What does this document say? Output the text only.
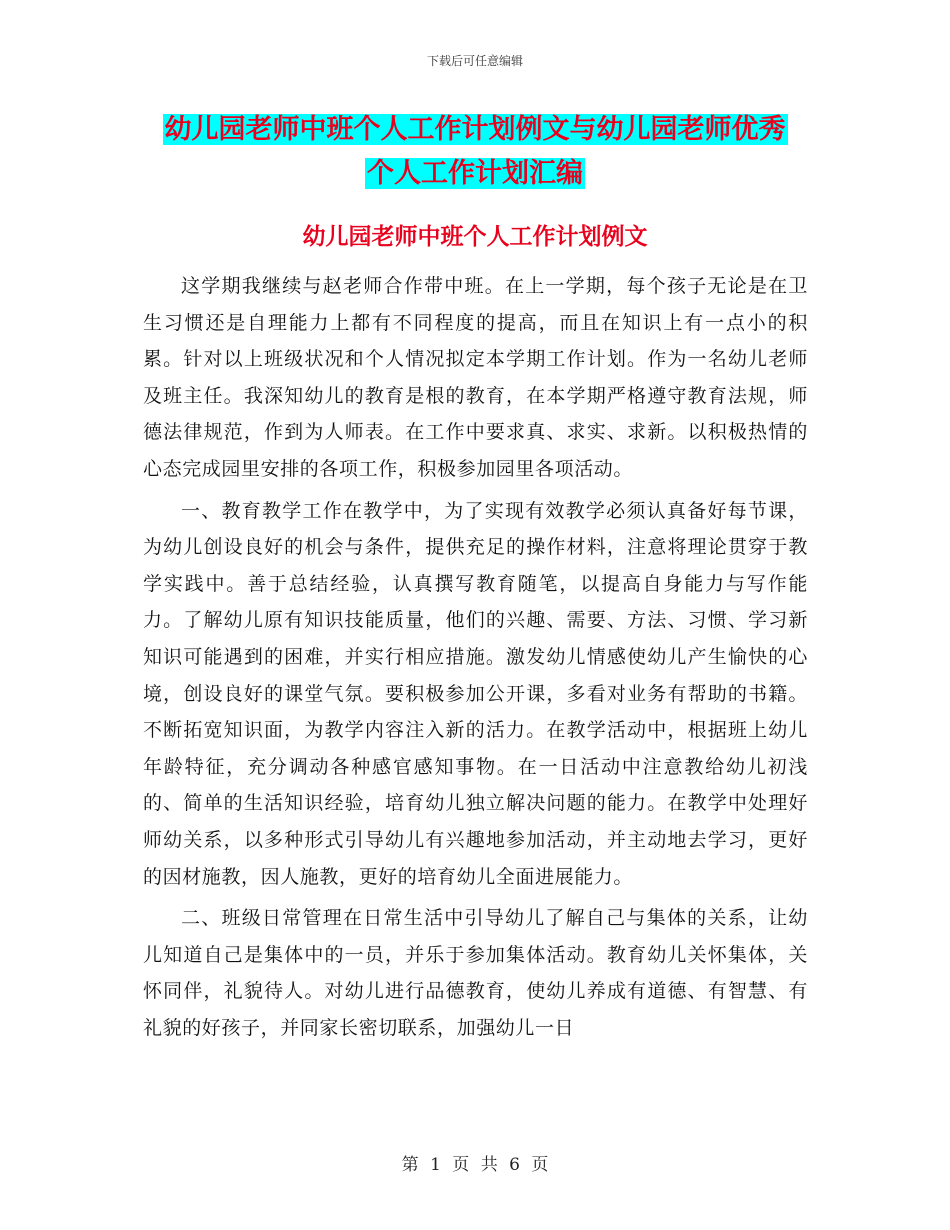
下载后可任意编辑
幼儿园老师中班个人工作计划例文与幼儿园老师优秀
个人工作计划汇编
幼儿园老师中班个人工作计划例文

这学期我继续与赵老师合作带中班。在上一学期，每个孩子无论是在卫生习惯还是自理能力上都有不同程度的提高，而且在知识上有一点小的积累。针对以上班级状况和个人情况拟定本学期工作计划。作为一名幼儿老师及班主任。我深知幼儿的教育是根的教育，在本学期严格遵守教育法规，师德法律规范，作到为人师表。在工作中要求真、求实、求新。以积极热情的心态完成园里安排的各项工作，积极参加园里各项活动。

一、教育教学工作在教学中，为了实现有效教学必须认真备好每节课，为幼儿创设良好的机会与条件，提供充足的操作材料，注意将理论贯穿于教学实践中。善于总结经验，认真撰写教育随笔，以提高自身能力与写作能力。了解幼儿原有知识技能质量，他们的兴趣、需要、方法、习惯、学习新知识可能遇到的困难，并实行相应措施。激发幼儿情感使幼儿产生愉快的心境，创设良好的课堂气氛。要积极参加公开课，多看对业务有帮助的书籍。不断拓宽知识面，为教学内容注入新的活力。在教学活动中，根据班上幼儿年龄特征，充分调动各种感官感知事物。在一日活动中注意教给幼儿初浅的、简单的生活知识经验，培育幼儿独立解决问题的能力。在教学中处理好师幼关系，以多种形式引导幼儿有兴趣地参加活动，并主动地去学习，更好的因材施教，因人施教，更好的培育幼儿全面进展能力。

二、班级日常管理在日常生活中引导幼儿了解自己与集体的关系，让幼儿知道自己是集体中的一员，并乐于参加集体活动。教育幼儿关怀集体，关怀同伴，礼貌待人。对幼儿进行品德教育，使幼儿养成有道德、有智慧、有礼貌的好孩子，并同家长密切联系，加强幼儿一日

第 1 页 共 6 页
